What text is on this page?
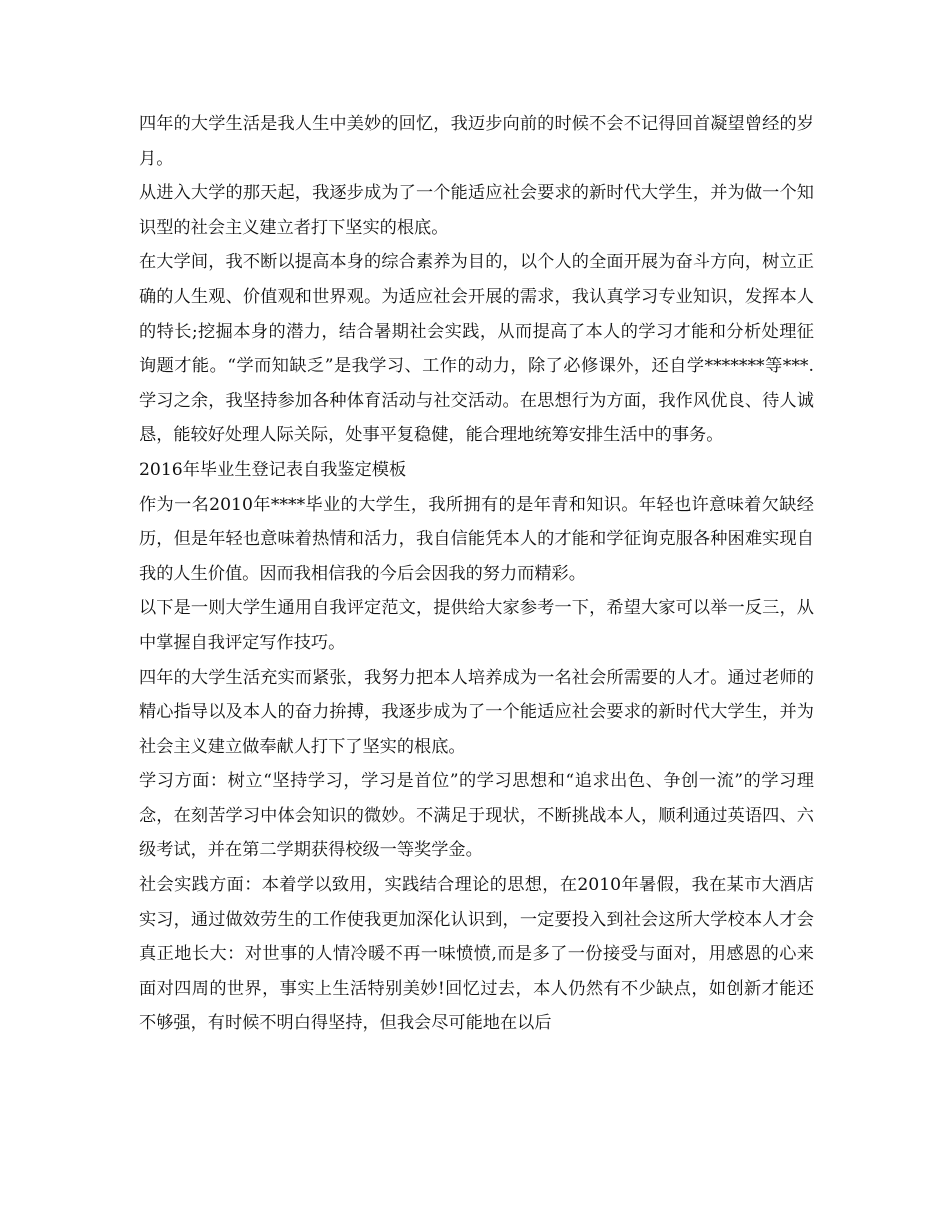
四年的大学生活是我人生中美妙的回忆，我迈步向前的时候不会不记得回首凝望曾经的岁月。

从进入大学的那天起，我逐步成为了一个能适应社会要求的新时代大学生，并为做一个知识型的社会主义建立者打下坚实的根底。

在大学间，我不断以提高本身的综合素养为目的，以个人的全面开展为奋斗方向，树立正确的人生观、价值观和世界观。为适应社会开展的需求，我认真学习专业知识，发挥本人的特长;挖掘本身的潜力，结合暑期社会实践，从而提高了本人的学习才能和分析处理征询题才能。“学而知缺乏”是我学习、工作的动力，除了必修课外，还自学*******等***.学习之余，我坚持参加各种体育活动与社交活动。在思想行为方面，我作风优良、待人诚恳，能较好处理人际关际，处事平复稳健，能合理地统筹安排生活中的事务。

2016年毕业生登记表自我鉴定模板

作为一名2010年****毕业的大学生，我所拥有的是年青和知识。年轻也许意味着欠缺经历，但是年轻也意味着热情和活力，我自信能凭本人的才能和学征询克服各种困难实现自我的人生价值。因而我相信我的今后会因我的努力而精彩。

以下是一则大学生通用自我评定范文，提供给大家参考一下，希望大家可以举一反三，从中掌握自我评定写作技巧。

四年的大学生活充实而紧张，我努力把本人培养成为一名社会所需要的人才。通过老师的精心指导以及本人的奋力拚搏，我逐步成为了一个能适应社会要求的新时代大学生，并为社会主义建立做奉献人打下了坚实的根底。

学习方面：树立“坚持学习，学习是首位”的学习思想和“追求出色、争创一流”的学习理念，在刻苦学习中体会知识的微妙。不满足于现状，不断挑战本人，顺利通过英语四、六级考试，并在第二学期获得校级一等奖学金。

社会实践方面：本着学以致用，实践结合理论的思想，在2010年暑假，我在某市大酒店实习，通过做效劳生的工作使我更加深化认识到，一定要投入到社会这所大学校本人才会真正地长大：对世事的人情冷暖不再一味愤愤,而是多了一份接受与面对，用感恩的心来面对四周的世界，事实上生活特别美妙!回忆过去，本人仍然有不少缺点，如创新才能还不够强，有时候不明白得坚持，但我会尽可能地在以后
